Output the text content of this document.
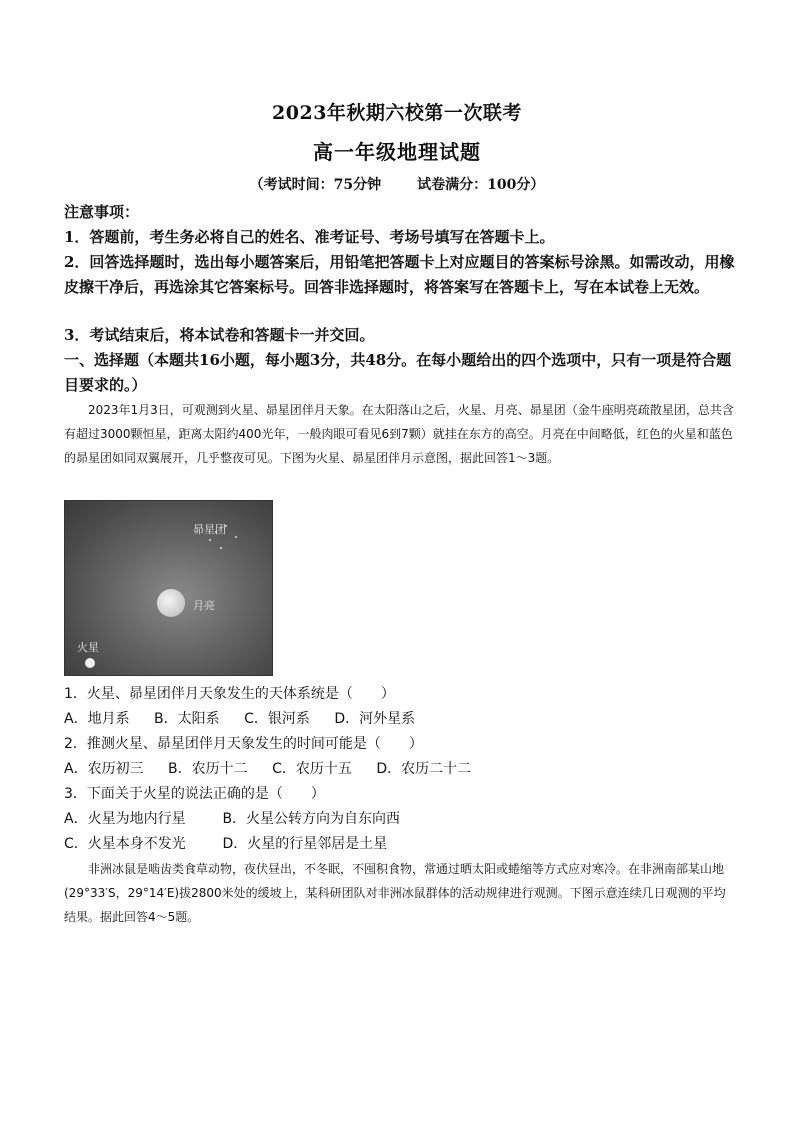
2023年秋期六校第一次联考
高一年级地理试题
（考试时间：75分钟	试卷满分：100分）

注意事项：

1．答题前，考生务必将自己的姓名、准考证号、考场号填写在答题卡上。

2．回答选择题时，选出每小题答案后，用铅笔把答题卡上对应题目的答案标号涂黑。如需改动，用橡皮擦干净后，再选涂其它答案标号。回答非选择题时，将答案写在答题卡上，写在本试卷上无效。

3．考试结束后，将本试卷和答题卡一并交回。

一、选择题（本题共16小题，每小题3分，共48分。在每小题给出的四个选项中，只有一项是符合题目要求的。）

2023年1月3日，可观测到火星、昴星团伴月天象。在太阳落山之后，火星、月亮、昴星团（金牛座明亮疏散星团，总共含有超过3000颗恒星，距离太阳约400光年，一般肉眼可看见6到7颗）就挂在东方的高空。月亮在中间略低，红色的火星和蓝色的昴星团如同双翼展开，几乎整夜可见。下图为火星、昴星团伴月示意图，据此回答1～3题。

昴星团
月亮
火星

1．火星、昴星团伴月天象发生的天体系统是（　　）

A．地月系 B．太阳系 C．银河系 D．河外星系

2．推测火星、昴星团伴月天象发生的时间可能是（　　）

A．农历初三 B．农历十二 C．农历十五 D．农历二十二

3．下面关于火星的说法正确的是（　　）

A．火星为地内行星	B．火星公转方向为自东向西
C．火星本身不发光	D．火星的行星邻居是土星

非洲冰鼠是啮齿类食草动物，夜伏昼出，不冬眠，不囤积食物，常通过晒太阳或蜷缩等方式应对寒冷。在非洲南部某山地(29°33′S，29°14′E)拔2800米处的缓坡上，某科研团队对非洲冰鼠群体的活动规律进行观测。下图示意连续几日观测的平均结果。据此回答4～5题。
